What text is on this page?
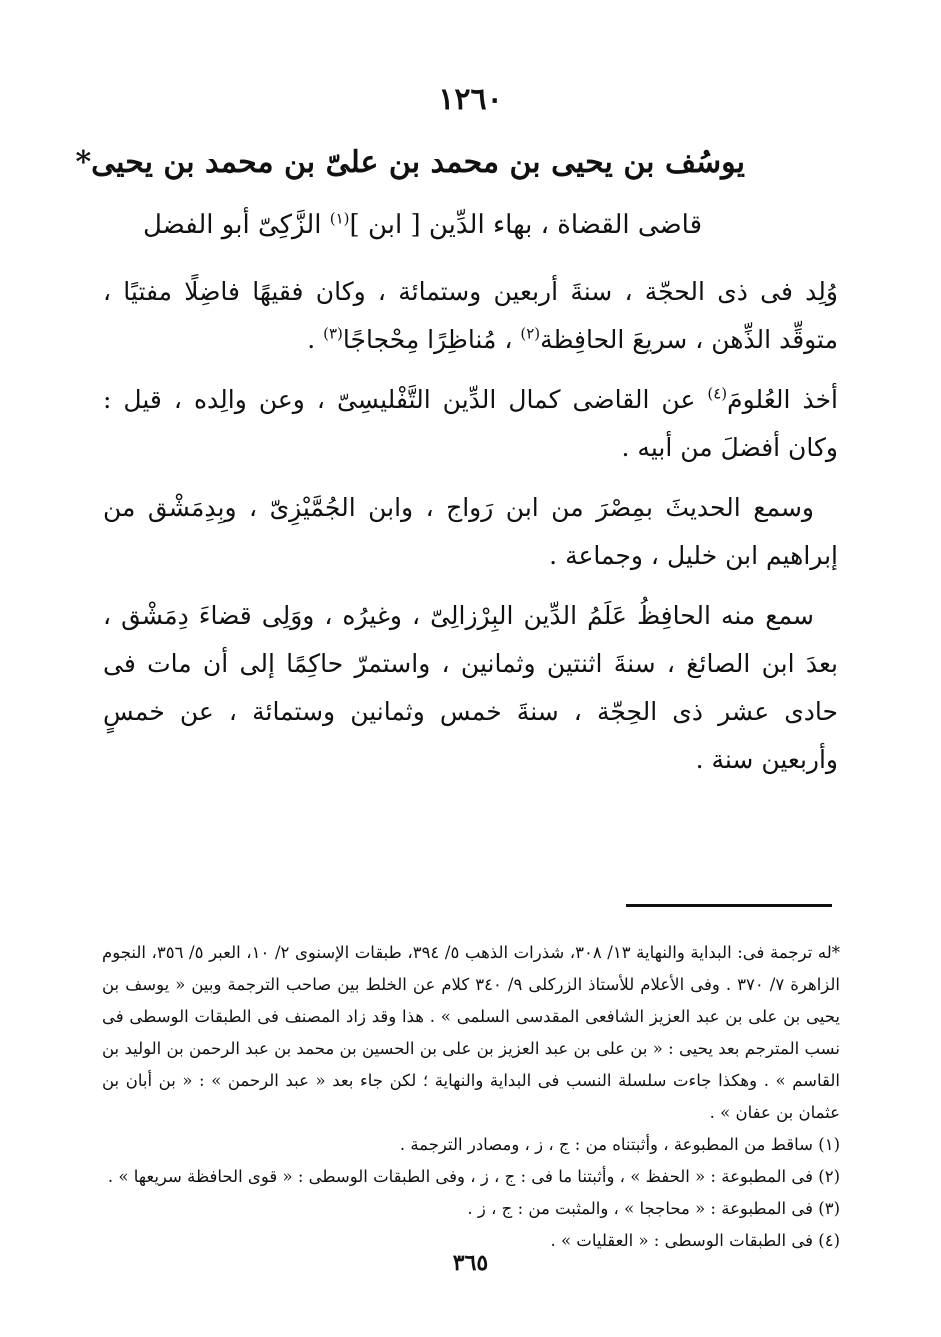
١٢٦٠
يوسُف بن يحيى بن محمد بن علىّ بن محمد بن يحيى*
قاضى القضاة ، بهاء الدِّين [ ابن ]$^{(١)}$ الزَّكِىّ أبو الفضل

وُلِد فى ذى الحجّة ، سنةَ أربعين وستمائة ، وكان فقيهًا فاضِلًا مفتيًا ، متوقِّد الذِّهن ، سريعَ الحافِظة$^{(٢)}$ ، مُناظِرًا مِحْجاجًا$^{(٣)}$ .

أخذ العُلومَ$^{(٤)}$ عن القاضى كمال الدِّين التَّفْليسِىّ ، وعن والِده ، قيل : وكان أفضلَ من أبيه .

وسمع الحديثَ بمِصْرَ من ابن رَواج ، وابن الجُمَّيْزِىّ ، وبِدِمَشْق من إبراهيم ابن خليل ، وجماعة .

سمع منه الحافِظُ عَلَمُ الدِّين البِرْزالِىّ ، وغيرُه ، ووَلِى قضاءَ دِمَشْق ، بعدَ ابن الصائغ ، سنةَ اثنتين وثمانين ، واستمرّ حاكِمًا إلى أن مات فى حادى عشر ذى الحِجّة ، سنةَ خمس وثمانين وستمائة ، عن خمسٍ وأربعين سنة .

*له ترجمة فى: البداية والنهاية ١٣/ ٣٠٨، شذرات الذهب ٥/ ٣٩٤، طبقات الإسنوى ٢/ ١٠، العبر ٥/ ٣٥٦، النجوم الزاهرة ٧/ ٣٧٠ . وفى الأعلام للأستاذ الزركلى ٩/ ٣٤٠ كلام عن الخلط بين صاحب الترجمة وبين « يوسف بن يحيى بن على بن عبد العزيز الشافعى المقدسى السلمى » . هذا وقد زاد المصنف فى الطبقات الوسطى فى نسب المترجم بعد يحيى : « بن على بن عبد العزيز بن على بن الحسين بن محمد بن عبد الرحمن بن الوليد بن القاسم » . وهكذا جاءت سلسلة النسب فى البداية والنهاية ؛ لكن جاء بعد « عبد الرحمن » : « بن أبان بن عثمان بن عفان » .

(١) ساقط من المطبوعة ، وأثبتناه من : ج ، ز ، ومصادر الترجمة .
(٢) فى المطبوعة : « الحفظ » ، وأثبتنا ما فى : ج ، ز ، وفى الطبقات الوسطى : « قوى الحافظة سريعها » .
(٣) فى المطبوعة : « محاججا » ، والمثبت من : ج ، ز .
(٤) فى الطبقات الوسطى : « العقليات » .
٣٦٥
